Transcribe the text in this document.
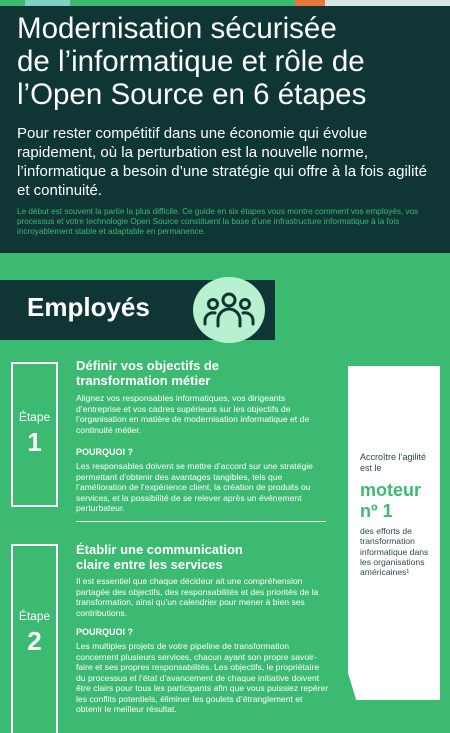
Modernisation sécurisée
de l’informatique et rôle de
l’Open Source en 6 étapes

Pour rester compétitif dans une économie qui évolue rapidement, où la perturbation est la nouvelle norme, l’informatique a besoin d’une stratégie qui offre à la fois agilité et continuité.

Le début est souvent la partie la plus difficile. Ce guide en six étapes vous montre comment vos employés, vos processus et votre technologie Open Source constituent la base d’une infrastructure informatique à la fois incroyablement stable et adaptable en permanence.

Employés
Étape
1

Définir vos objectifs de
transformation métier

Alignez vos responsables informatiques, vos dirigeants d’entreprise et vos cadres supérieurs sur les objectifs de l’organisation en matière de modernisation informatique et de continuité métier.

POURQUOI ?

Les responsables doivent se mettre d’accord sur une stratégie permettant d’obtenir des avantages tangibles, tels que l’amélioration de l’expérience client, la création de produits ou services, et la possibilité de se relever après un événement perturbateur.

Étape
2

Établir une communication
claire entre les services

Il est essentiel que chaque décideur ait une compréhension partagée des objectifs, des responsabilités et des priorités de la transformation, ainsi qu’un calendrier pour mener à bien ses contributions.

POURQUOI ?

Les multiples projets de votre pipeline de transformation concernent plusieurs services, chacun ayant son propre savoir-faire et ses propres responsabilités. Les objectifs, le propriétaire du processus et l’état d’avancement de chaque initiative doivent être clairs pour tous les participants afin que vous puissiez repérer les conflits potentiels, éliminer les goulets d’étranglement et obtenir le meilleur résultat.

Accroître l’agilité est le

moteur
nº 1

des efforts de transformation informatique dans les organisations américaines¹
